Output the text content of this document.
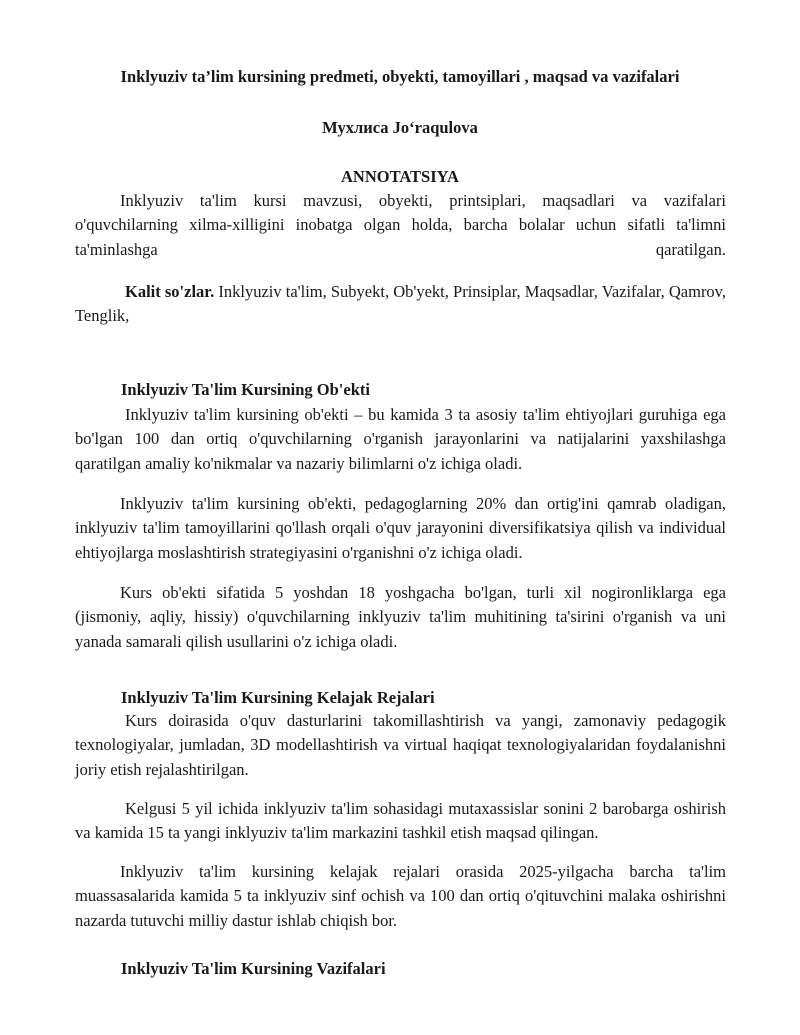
Inklyuziv ta’lim kursining predmeti, obyekti, tamoyillari , maqsad va vazifalari
Мухлиса Jo‘raqulova
ANNOTATSIYA
Inklyuziv ta'lim kursi mavzusi, obyekti, printsiplari, maqsadlari va vazifalari o'quvchilarning xilma-xilligini inobatga olgan holda, barcha bolalar uchun sifatli ta'limni ta'minlashga qaratilgan.
Kalit so'zlar. Inklyuziv ta'lim, Subyekt, Ob'yekt, Prinsiplar, Maqsadlar, Vazifalar, Qamrov, Tenglik,
Inklyuziv Ta'lim Kursining Ob'ekti
Inklyuziv ta'lim kursining ob'ekti – bu kamida 3 ta asosiy ta'lim ehtiyojlari guruhiga ega bo'lgan 100 dan ortiq o'quvchilarning o'rganish jarayonlarini va natijalarini yaxshilashga qaratilgan amaliy ko'nikmalar va nazariy bilimlarni o'z ichiga oladi.
Inklyuziv ta'lim kursining ob'ekti, pedagoglarning 20% dan ortig'ini qamrab oladigan, inklyuziv ta'lim tamoyillarini qo'llash orqali o'quv jarayonini diversifikatsiya qilish va individual ehtiyojlarga moslashtirish strategiyasini o'rganishni o'z ichiga oladi.
Kurs ob'ekti sifatida 5 yoshdan 18 yoshgacha bo'lgan, turli xil nogironliklarga ega (jismoniy, aqliy, hissiy) o'quvchilarning inklyuziv ta'lim muhitining ta'sirini o'rganish va uni yanada samarali qilish usullarini o'z ichiga oladi.
Inklyuziv Ta'lim Kursining Kelajak Rejalari
Kurs doirasida o'quv dasturlarini takomillashtirish va yangi, zamonaviy pedagogik texnologiyalar, jumladan, 3D modellashtirish va virtual haqiqat texnologiyalaridan foydalanishni joriy etish rejalashtirilgan.
Kelgusi 5 yil ichida inklyuziv ta'lim sohasidagi mutaxassislar sonini 2 barobarga oshirish va kamida 15 ta yangi inklyuziv ta'lim markazini tashkil etish maqsad qilingan.
Inklyuziv ta'lim kursining kelajak rejalari orasida 2025-yilgacha barcha ta'lim muassasalarida kamida 5 ta inklyuziv sinf ochish va 100 dan ortiq o'qituvchini malaka oshirishni nazarda tutuvchi milliy dastur ishlab chiqish bor.
Inklyuziv Ta'lim Kursining Vazifalari
